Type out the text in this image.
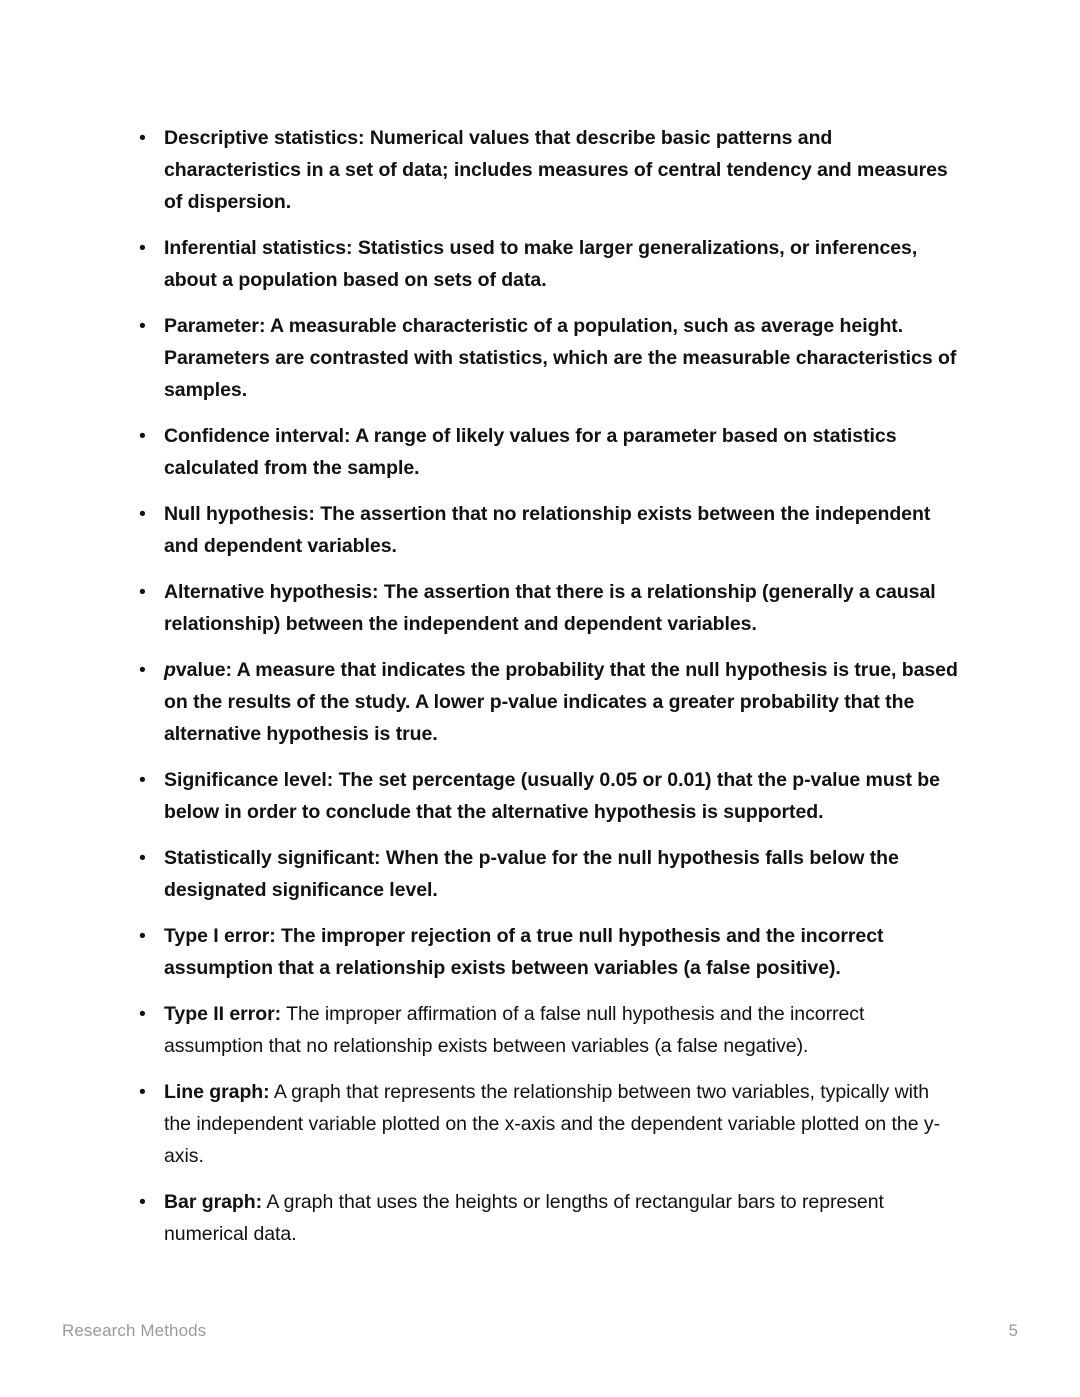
• Descriptive statistics: Numerical values that describe basic patterns and characteristics in a set of data; includes measures of central tendency and measures of dispersion.
• Inferential statistics: Statistics used to make larger generalizations, or inferences, about a population based on sets of data.
• Parameter: A measurable characteristic of a population, such as average height. Parameters are contrasted with statistics, which are the measurable characteristics of samples.
• Confidence interval: A range of likely values for a parameter based on statistics calculated from the sample.
• Null hypothesis: The assertion that no relationship exists between the independent and dependent variables.
• Alternative hypothesis: The assertion that there is a relationship (generally a causal relationship) between the independent and dependent variables.
• pvalue: A measure that indicates the probability that the null hypothesis is true, based on the results of the study. A lower p-value indicates a greater probability that the alternative hypothesis is true.
• Significance level: The set percentage (usually 0.05 or 0.01) that the p-value must be below in order to conclude that the alternative hypothesis is supported.
• Statistically significant: When the p-value for the null hypothesis falls below the designated significance level.
• Type I error: The improper rejection of a true null hypothesis and the incorrect assumption that a relationship exists between variables (a false positive).
• Type II error: The improper affirmation of a false null hypothesis and the incorrect assumption that no relationship exists between variables (a false negative).
• Line graph: A graph that represents the relationship between two variables, typically with the independent variable plotted on the x-axis and the dependent variable plotted on the y-axis.
• Bar graph: A graph that uses the heights or lengths of rectangular bars to represent numerical data.
Research Methods	5
